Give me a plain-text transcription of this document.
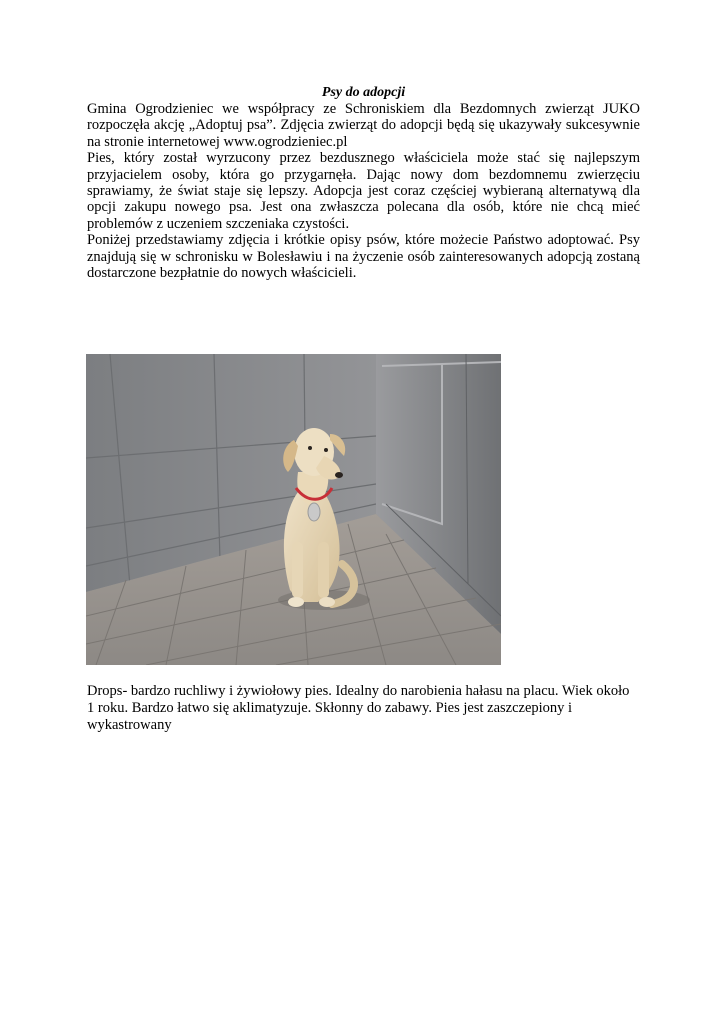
Psy do adopcji

Gmina Ogrodzieniec we współpracy ze Schroniskiem dla Bezdomnych zwierząt JUKO rozpoczęła akcję „Adoptuj psa”. Zdjęcia zwierząt do adopcji będą się ukazywały sukcesywnie na stronie internetowej www.ogrodzieniec.pl

Pies, który został wyrzucony przez bezdusznego właściciela może stać się najlepszym przyjacielem osoby, która go przygarnęła. Dając nowy dom bezdomnemu zwierzęciu sprawiamy, że świat staje się lepszy. Adopcja jest coraz częściej wybieraną alternatywą dla opcji zakupu nowego psa. Jest ona zwłaszcza polecana dla osób, które nie chcą mieć problemów z uczeniem szczeniaka czystości.

Poniżej przedstawiamy zdjęcia i krótkie opisy psów, które możecie Państwo adoptować. Psy znajdują się w schronisku w Bolesławiu i na życzenie osób zainteresowanych adopcją zostaną dostarczone bezpłatnie do nowych właścicieli.

Drops- bardzo ruchliwy i żywiołowy pies. Idealny do narobienia hałasu na placu. Wiek około 1 roku. Bardzo łatwo się aklimatyzuje. Skłonny do zabawy. Pies jest zaszczepiony i wykastrowany
